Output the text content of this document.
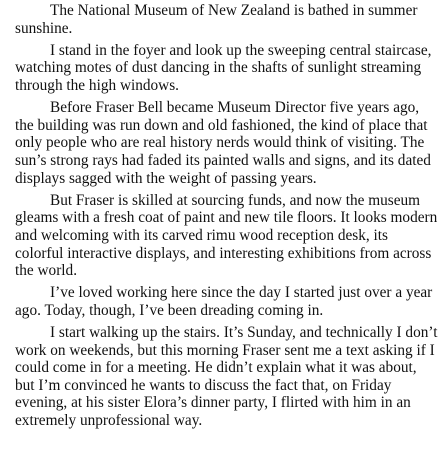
The National Museum of New Zealand is bathed in summer sunshine.

I stand in the foyer and look up the sweeping central staircase, watching motes of dust dancing in the shafts of sunlight streaming through the high windows.

Before Fraser Bell became Museum Director five years ago, the building was run down and old fashioned, the kind of place that only people who are real history nerds would think of visiting. The sun’s strong rays had faded its painted walls and signs, and its dated displays sagged with the weight of passing years.

But Fraser is skilled at sourcing funds, and now the museum gleams with a fresh coat of paint and new tile floors. It looks modern and welcoming with its carved rimu wood reception desk, its colorful interactive displays, and interesting exhibitions from across the world.

I’ve loved working here since the day I started just over a year ago. Today, though, I’ve been dreading coming in.

I start walking up the stairs. It’s Sunday, and technically I don’t work on weekends, but this morning Fraser sent me a text asking if I could come in for a meeting. He didn’t explain what it was about, but I’m convinced he wants to discuss the fact that, on Friday evening, at his sister Elora’s dinner party, I flirted with him in an extremely unprofessional way.
